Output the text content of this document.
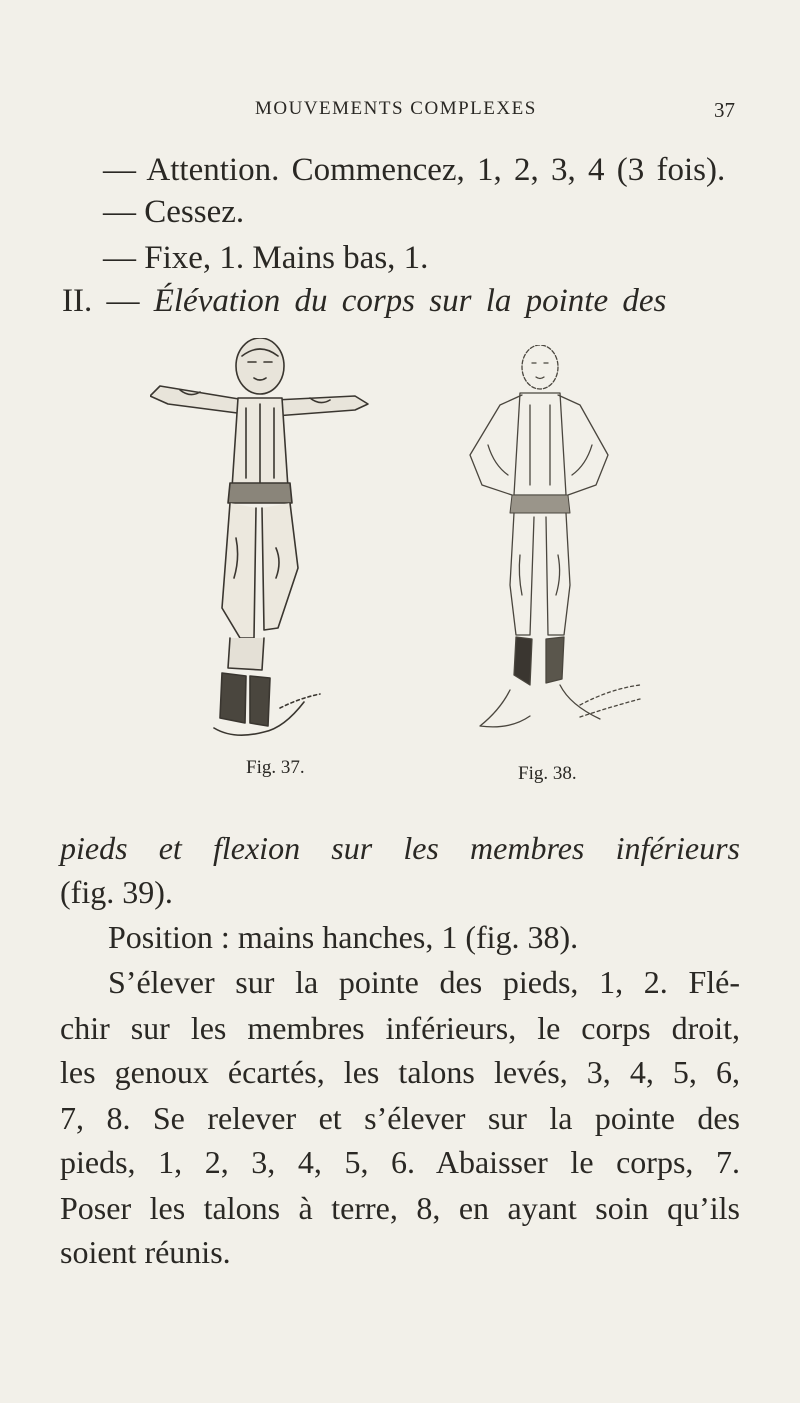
MOUVEMENTS COMPLEXES	37
— Attention. Commencez, 1, 2, 3, 4 (3 fois).
— Cessez.
— Fixe, 1. Mains bas, 1.
II. — Élévation du corps sur la pointe des
Fig. 37.	Fig. 38.
pieds et flexion sur les membres inférieurs
(fig. 39).
Position : mains hanches, 1 (fig. 38).
S’élever sur la pointe des pieds, 1, 2. Flé-
chir sur les membres inférieurs, le corps droit,
les genoux écartés, les talons levés, 3, 4, 5, 6,
7, 8. Se relever et s’élever sur la pointe des
pieds, 1, 2, 3, 4, 5, 6. Abaisser le corps, 7.
Poser les talons à terre, 8, en ayant soin qu’ils
soient réunis.
